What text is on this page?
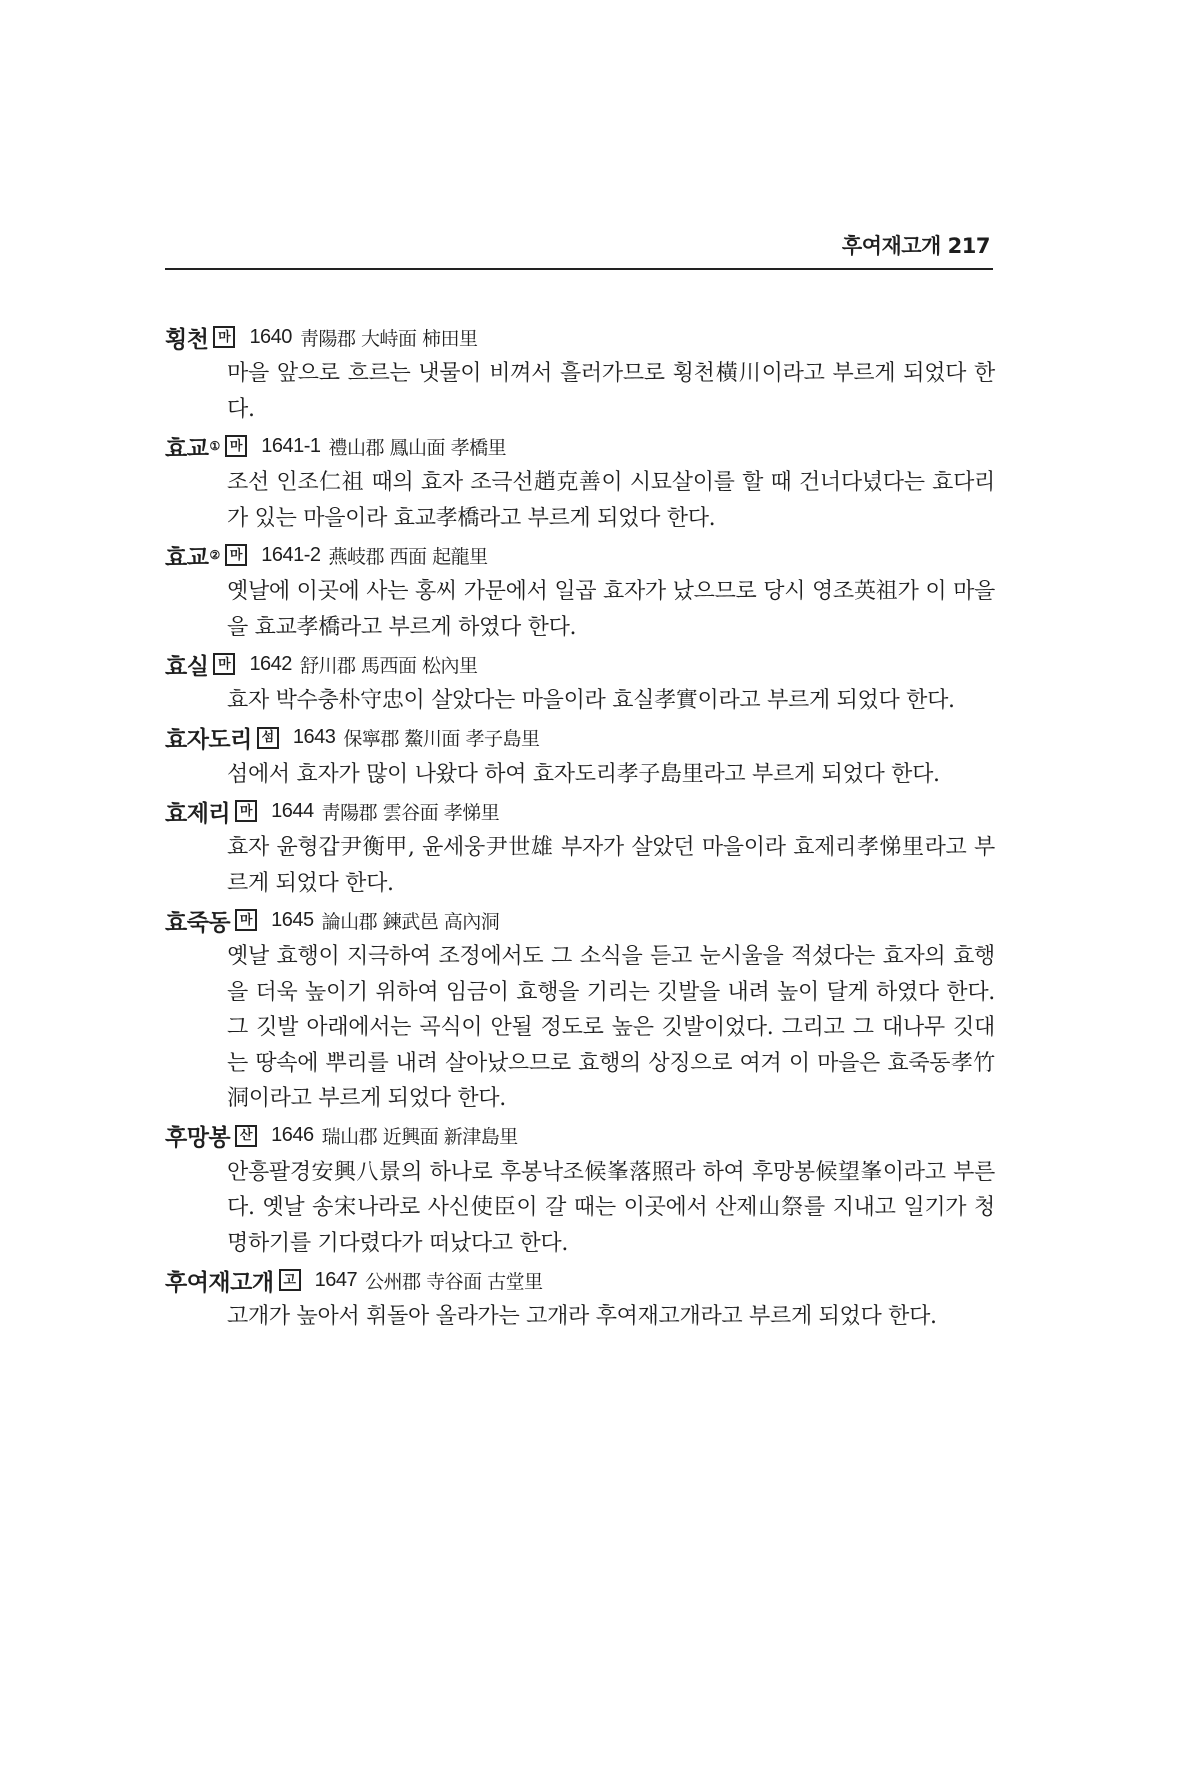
후여재고개 217
횡천 마 1640 靑陽郡 大峙面 柿田里

마을 앞으로 흐르는 냇물이 비껴서 흘러가므로 횡천橫川이라고 부르게 되었다 한다.

효교 ① 마 1641-1 禮山郡 鳳山面 孝橋里

조선 인조仁祖 때의 효자 조극선趙克善이 시묘살이를 할 때 건너다녔다는 효다리가 있는 마을이라 효교孝橋라고 부르게 되었다 한다.

효교 ② 마 1641-2 燕岐郡 西面 起龍里

옛날에 이곳에 사는 홍씨 가문에서 일곱 효자가 났으므로 당시 영조英祖가 이 마을을 효교孝橋라고 부르게 하였다 한다.

효실 마 1642 舒川郡 馬西面 松內里

효자 박수충朴守忠이 살았다는 마을이라 효실孝實이라고 부르게 되었다 한다.

효자도리 섬 1643 保寧郡 鰲川面 孝子島里

섬에서 효자가 많이 나왔다 하여 효자도리孝子島里라고 부르게 되었다 한다.

효제리 마 1644 靑陽郡 雲谷面 孝悌里

효자 윤형갑尹衡甲, 윤세웅尹世雄 부자가 살았던 마을이라 효제리孝悌里라고 부르게 되었다 한다.

효죽동 마 1645 論山郡 鍊武邑 高內洞

옛날 효행이 지극하여 조정에서도 그 소식을 듣고 눈시울을 적셨다는 효자의 효행을 더욱 높이기 위하여 임금이 효행을 기리는 깃발을 내려 높이 달게 하였다 한다. 그 깃발 아래에서는 곡식이 안될 정도로 높은 깃발이었다. 그리고 그 대나무 깃대는 땅속에 뿌리를 내려 살아났으므로 효행의 상징으로 여겨 이 마을은 효죽동孝竹洞이라고 부르게 되었다 한다.

후망봉 산 1646 瑞山郡 近興面 新津島里

안흥팔경安興八景의 하나로 후봉낙조候峯落照라 하여 후망봉候望峯이라고 부른다. 옛날 송宋나라로 사신使臣이 갈 때는 이곳에서 산제山祭를 지내고 일기가 청명하기를 기다렸다가 떠났다고 한다.

후여재고개 고 1647 公州郡 寺谷面 古堂里

고개가 높아서 휘돌아 올라가는 고개라 후여재고개라고 부르게 되었다 한다.
